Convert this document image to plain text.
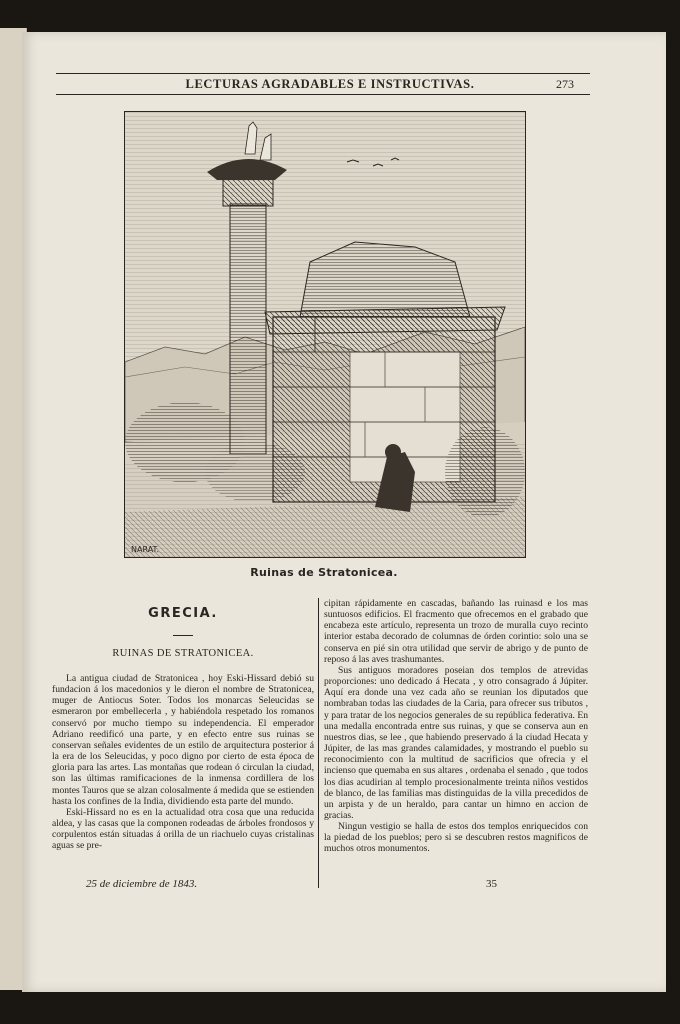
LECTURAS AGRADABLES E INSTRUCTIVAS.	273
NARAT.
Ruinas de Stratonicea.
GRECIA.
RUINAS DE STRATONICEA.

La antigua ciudad de Stratonicea , hoy Eski-Hissard debió su fundacion á los macedonios y le dieron el nombre de Stratonicea, muger de Antiocus Soter. Todos los monarcas Seleucidas se esmeraron por embellecerla , y habiéndola respetado los romanos conservó por mucho tiempo su independencia. El emperador Adriano reedificó una parte, y en efecto entre sus ruinas se conservan señales evidentes de un estilo de arquitectura posterior á la era de los Seleucidas, y poco digno por cierto de esta época de gloria para las artes. Las montañas que rodean ó circulan la ciudad, son las últimas ramificaciones de la inmensa cordillera de los montes Tauros que se alzan colosalmente á medida que se estienden hasta los confines de la India, dividiendo esta parte del mundo.

Eski-Hissard no es en la actualidad otra cosa que una reducida aldea, y las casas que la componen rodeadas de árboles frondosos y corpulentos están situadas á orilla de un riachuelo cuyas cristalinas aguas se pre-

cipitan rápidamente en cascadas, bañando las ruinasd e los mas suntuosos edificios. El fracmento que ofrecemos en el grabado que encabeza este artículo, representa un trozo de muralla cuyo recinto interior estaba decorado de columnas de órden corintio: solo una se conserva en pié sin otra utilidad que servir de abrigo y de punto de reposo á las aves trashumantes.

Sus antiguos moradores poseian dos templos de atrevidas proporciones: uno dedicado á Hecata , y otro consagrado á Júpiter. Aquí era donde una vez cada año se reunian los diputados que nombraban todas las ciudades de la Caria, para ofrecer sus tributos , y para tratar de los negocios generales de su república federativa. En una medalla encontrada entre sus ruinas, y que se conserva aun en nuestros dias, se lee , que habiendo preservado á la ciudad Hecata y Júpiter, de las mas grandes calamidades, y mostrando el pueblo su reconocimiento con la multitud de sacrificios que ofrecia y el incienso que quemaba en sus altares , ordenaba el senado , que todos los dias acudirian al templo procesionalmente treinta niños vestidos de blanco, de las familias mas distinguidas de la villa precedidos de un arpista y de un heraldo, para cantar un himno en accion de gracias.

Ningun vestigio se halla de estos dos templos enriquecidos con la piedad de los pueblos; pero si se descubren restos magnificos de muchos otros monumentos.

25 de diciembre de 1843.	35
